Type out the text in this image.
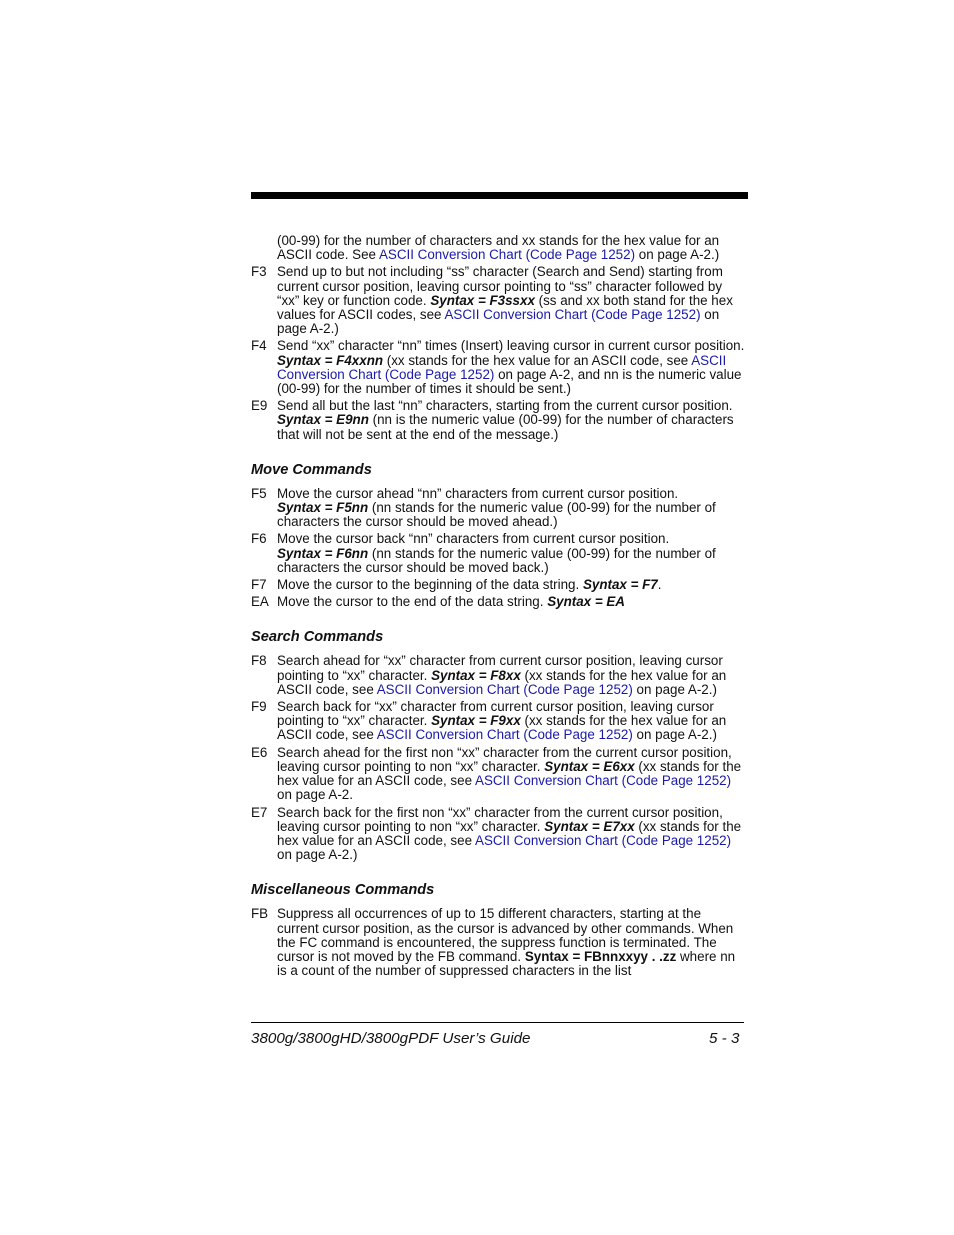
(00-99) for the number of characters and xx stands for the hex value for an ASCII code. See ASCII Conversion Chart (Code Page 1252) on page A-2.)

F3 Send up to but not including “ss” character (Search and Send) starting from current cursor position, leaving cursor pointing to “ss” character followed by “xx” key or function code. Syntax = F3ssxx (ss and xx both stand for the hex values for ASCII codes, see ASCII Conversion Chart (Code Page 1252) on page A-2.)
F4 Send “xx” character “nn” times (Insert) leaving cursor in current cursor position. Syntax = F4xxnn (xx stands for the hex value for an ASCII code, see ASCII Conversion Chart (Code Page 1252) on page A-2, and nn is the numeric value (00-99) for the number of times it should be sent.)
E9 Send all but the last “nn” characters, starting from the current cursor position. Syntax = E9nn (nn is the numeric value (00-99) for the number of characters that will not be sent at the end of the message.)
Move Commands
F5 Move the cursor ahead “nn” characters from current cursor position.
Syntax = F5nn (nn stands for the numeric value (00-99) for the number of characters the cursor should be moved ahead.)
F6 Move the cursor back “nn” characters from current cursor position.
Syntax = F6nn (nn stands for the numeric value (00-99) for the number of characters the cursor should be moved back.)
F7 Move the cursor to the beginning of the data string. Syntax = F7.
EA Move the cursor to the end of the data string. Syntax = EA
Search Commands
F8 Search ahead for “xx” character from current cursor position, leaving cursor pointing to “xx” character. Syntax = F8xx (xx stands for the hex value for an ASCII code, see ASCII Conversion Chart (Code Page 1252) on page A-2.)
F9 Search back for “xx” character from current cursor position, leaving cursor pointing to “xx” character. Syntax = F9xx (xx stands for the hex value for an ASCII code, see ASCII Conversion Chart (Code Page 1252) on page A-2.)
E6 Search ahead for the first non “xx” character from the current cursor position, leaving cursor pointing to non “xx” character. Syntax = E6xx (xx stands for the hex value for an ASCII code, see ASCII Conversion Chart (Code Page 1252) on page A-2.
E7 Search back for the first non “xx” character from the current cursor position, leaving cursor pointing to non “xx” character. Syntax = E7xx (xx stands for the hex value for an ASCII code, see ASCII Conversion Chart (Code Page 1252) on page A-2.)
Miscellaneous Commands
FB Suppress all occurrences of up to 15 different characters, starting at the current cursor position, as the cursor is advanced by other commands. When the FC command is encountered, the suppress function is terminated. The cursor is not moved by the FB command. Syntax = FBnnxxyy . .zz where nn is a count of the number of suppressed characters in the list
3800g/3800gHD/3800gPDF User’s Guide	5 - 3
